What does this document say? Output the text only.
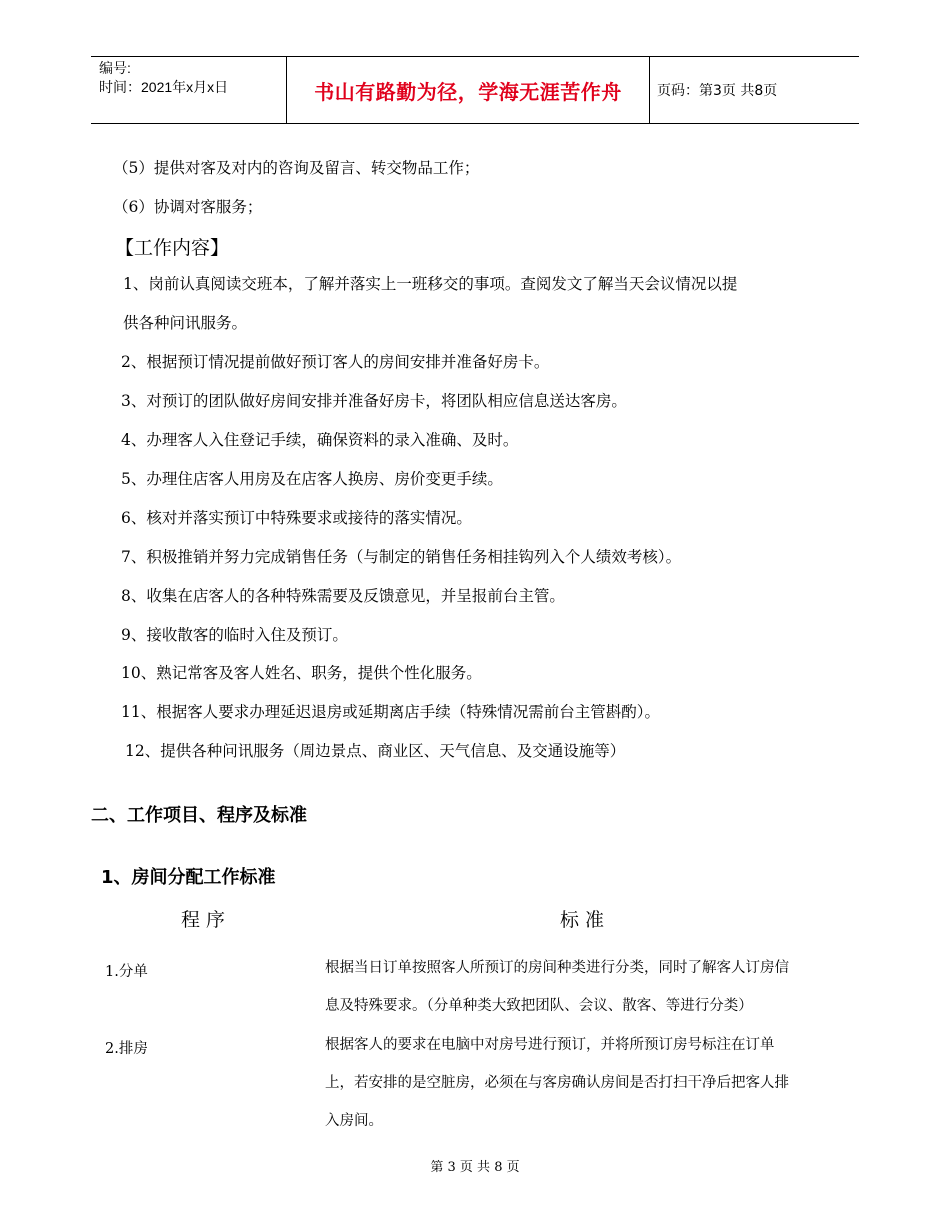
编号:
时间：2021年x月x日	书山有路勤为径，学海无涯苦作舟	页码：第3页 共8页
（5）提供对客及对内的咨询及留言、转交物品工作；
（6）协调对客服务；
【工作内容】
1、岗前认真阅读交班本，了解并落实上一班移交的事项。查阅发文了解当天会议情况以提
供各种问讯服务。
2、根据预订情况提前做好预订客人的房间安排并准备好房卡。
3、对预订的团队做好房间安排并准备好房卡，将团队相应信息送达客房。
4、办理客人入住登记手续，确保资料的录入准确、及时。
5、办理住店客人用房及在店客人换房、房价变更手续。
6、核对并落实预订中特殊要求或接待的落实情况。
7、积极推销并努力完成销售任务（与制定的销售任务相挂钩列入个人绩效考核）。
8、收集在店客人的各种特殊需要及反馈意见，并呈报前台主管。
9、接收散客的临时入住及预订。
10、熟记常客及客人姓名、职务，提供个性化服务。
11、根据客人要求办理延迟退房或延期离店手续（特殊情况需前台主管斟酌）。
12、提供各种问讯服务（周边景点、商业区、天气信息、及交通设施等）
二、工作项目、程序及标准
1、房间分配工作标准
程 序	标 准
1.分单	根据当日订单按照客人所预订的房间种类进行分类，同时了解客人订房信
息及特殊要求。（分单种类大致把团队、会议、散客、等进行分类）
2.排房	根据客人的要求在电脑中对房号进行预订，并将所预订房号标注在订单
上，若安排的是空脏房，必须在与客房确认房间是否打扫干净后把客人排
入房间。
第 3 页 共 8 页
